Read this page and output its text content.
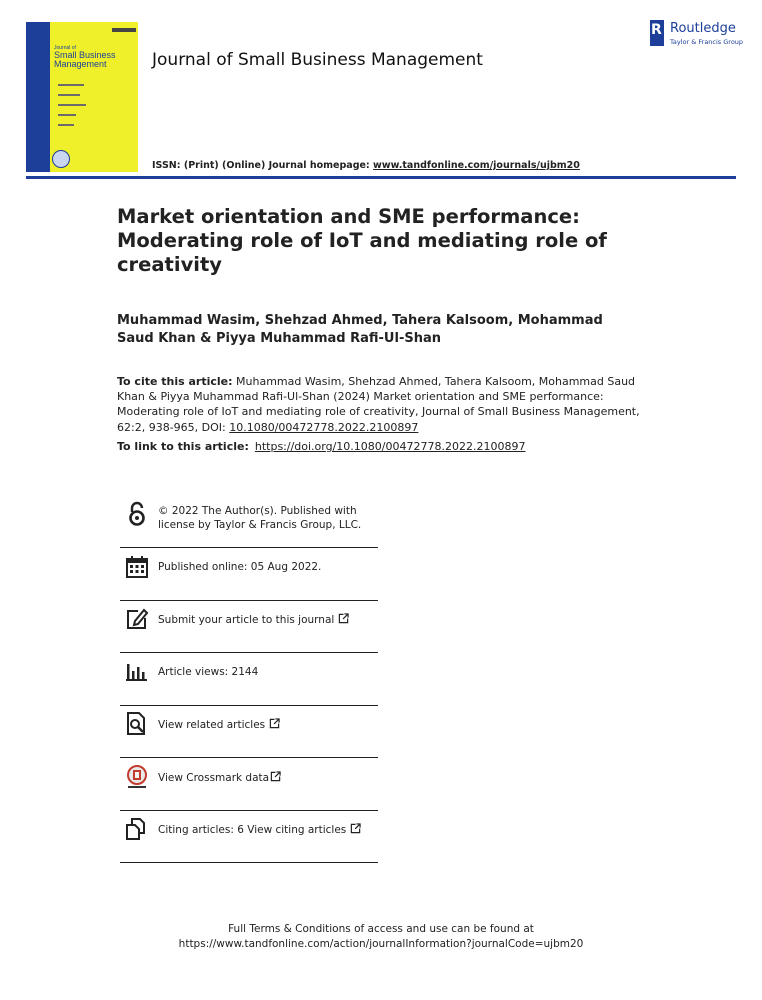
Journal of
Small Business Management	Journal of Small Business Management
R Routledge
Taylor & Francis Group
ISSN: (Print) (Online) Journal homepage: www.tandfonline.com/journals/ujbm20
Market orientation and SME performance: Moderating role of IoT and mediating role of creativity
Muhammad Wasim, Shehzad Ahmed, Tahera Kalsoom, Mohammad Saud Khan & Piyya Muhammad Rafi-Ul-Shan
To cite this article: Muhammad Wasim, Shehzad Ahmed, Tahera Kalsoom, Mohammad Saud Khan & Piyya Muhammad Rafi-Ul-Shan (2024) Market orientation and SME performance: Moderating role of IoT and mediating role of creativity, Journal of Small Business Management, 62:2, 938-965, DOI: 10.1080/00472778.2022.2100897
To link to this article: https://doi.org/10.1080/00472778.2022.2100897
© 2022 The Author(s). Published with license by Taylor & Francis Group, LLC.
Published online: 05 Aug 2022.
Submit your article to this journal
Article views: 2144
View related articles
View Crossmark data
Citing articles: 6 View citing articles
Full Terms & Conditions of access and use can be found at
https://www.tandfonline.com/action/journalInformation?journalCode=ujbm20
